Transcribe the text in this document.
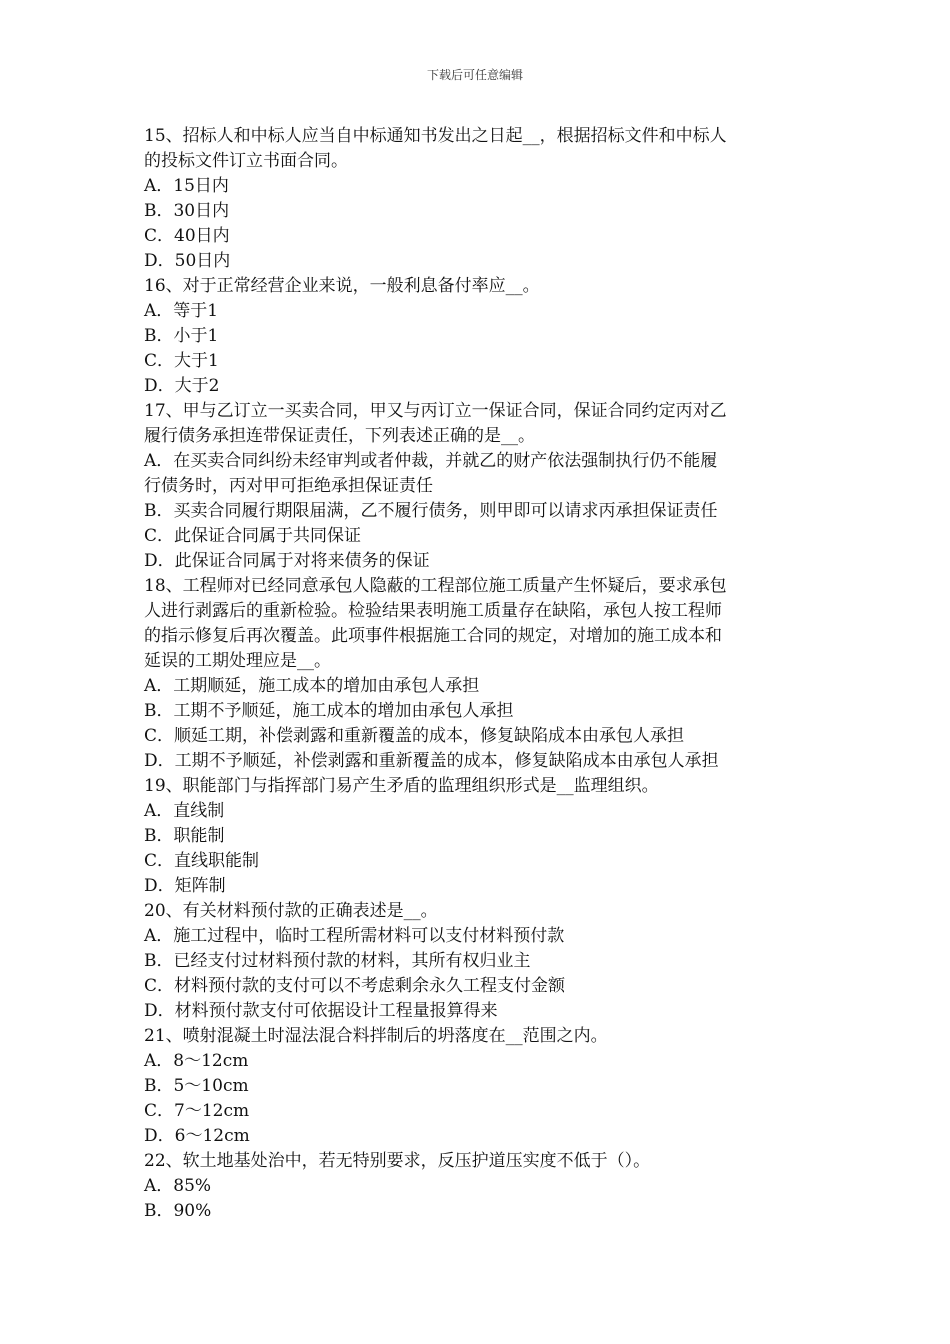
下载后可任意编辑
15、招标人和中标人应当自中标通知书发出之日起__，根据招标文件和中标人
的投标文件订立书面合同。
A．15日内
B．30日内
C．40日内
D．50日内
16、对于正常经营企业来说，一般利息备付率应__。
A．等于1
B．小于1
C．大于1
D．大于2
17、甲与乙订立一买卖合同，甲又与丙订立一保证合同，保证合同约定丙对乙
履行债务承担连带保证责任，下列表述正确的是__。
A．在买卖合同纠纷未经审判或者仲裁，并就乙的财产依法强制执行仍不能履
行债务时，丙对甲可拒绝承担保证责任
B．买卖合同履行期限届满，乙不履行债务，则甲即可以请求丙承担保证责任
C．此保证合同属于共同保证
D．此保证合同属于对将来债务的保证
18、工程师对已经同意承包人隐蔽的工程部位施工质量产生怀疑后，要求承包
人进行剥露后的重新检验。检验结果表明施工质量存在缺陷，承包人按工程师
的指示修复后再次覆盖。此项事件根据施工合同的规定，对增加的施工成本和
延误的工期处理应是__。
A．工期顺延，施工成本的增加由承包人承担
B．工期不予顺延，施工成本的增加由承包人承担
C．顺延工期，补偿剥露和重新覆盖的成本，修复缺陷成本由承包人承担
D．工期不予顺延，补偿剥露和重新覆盖的成本，修复缺陷成本由承包人承担
19、职能部门与指挥部门易产生矛盾的监理组织形式是__监理组织。
A．直线制
B．职能制
C．直线职能制
D．矩阵制
20、有关材料预付款的正确表述是__。
A．施工过程中，临时工程所需材料可以支付材料预付款
B．已经支付过材料预付款的材料，其所有权归业主
C．材料预付款的支付可以不考虑剩余永久工程支付金额
D．材料预付款支付可依据设计工程量报算得来
21、喷射混凝土时湿法混合料拌制后的坍落度在__范围之内。
A．8～12cm
B．5～10cm
C．7～12cm
D．6～12cm
22、软土地基处治中，若无特别要求，反压护道压实度不低于（）。
A．85%
B．90%
